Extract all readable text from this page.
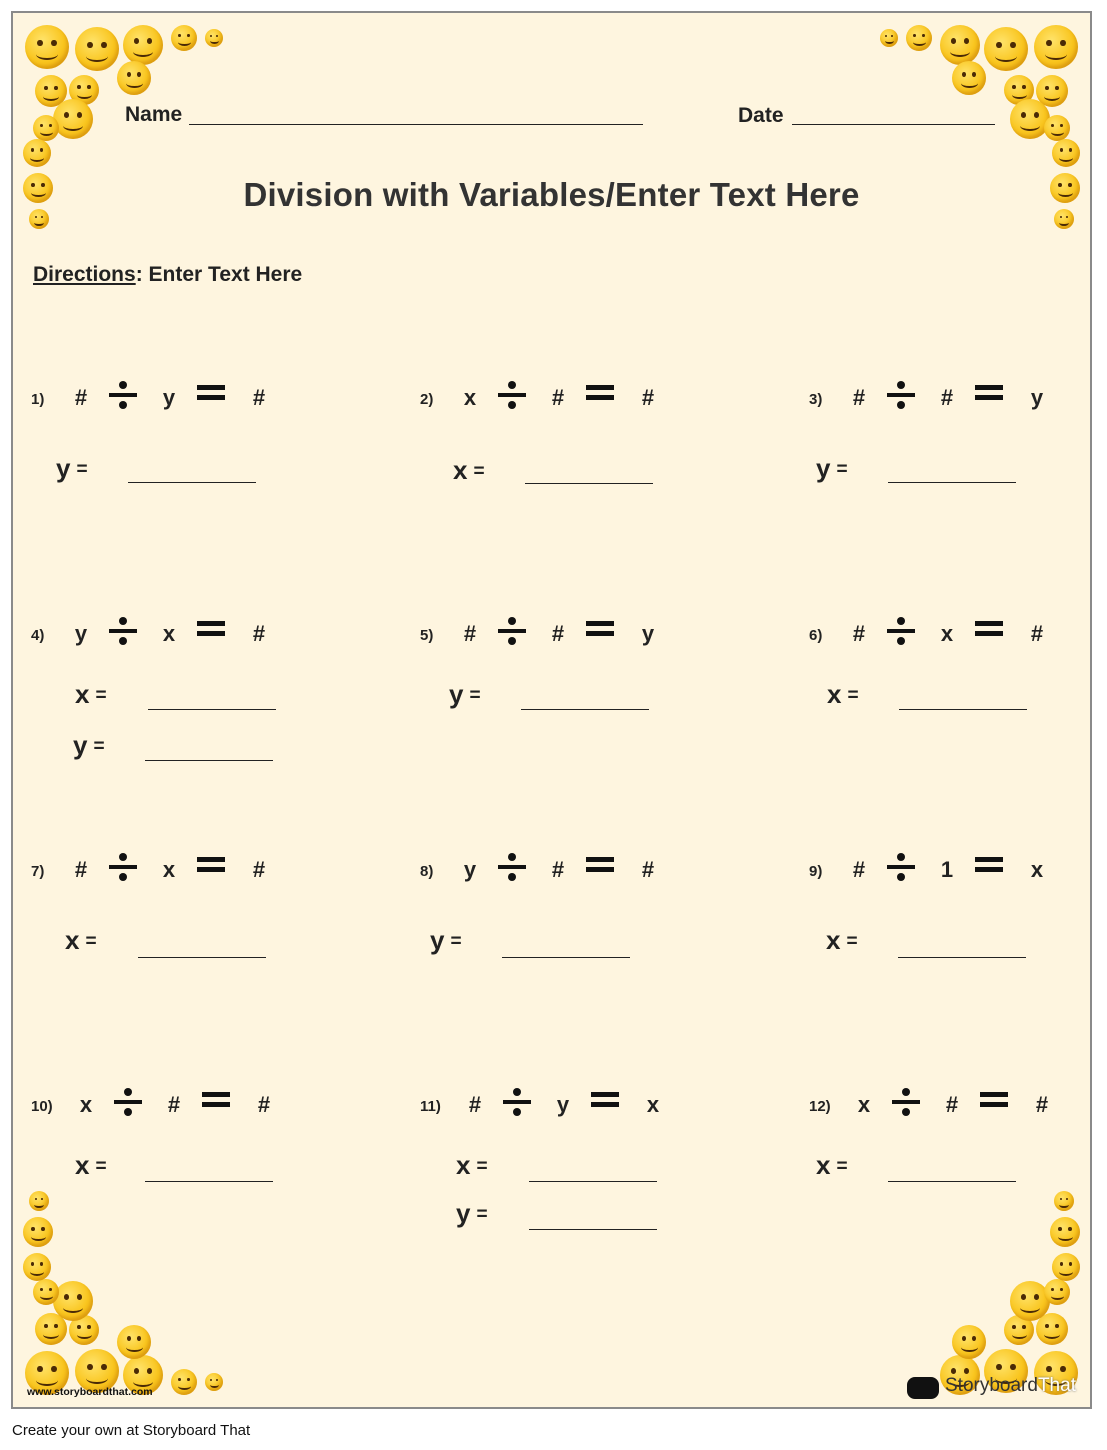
Name	Date
Division with Variables/Enter Text Here
Directions: Enter Text Here
1) #	y	#
y =
2) x	#	#
x =
3) #	#	y
y =
4) y	x	#
x =
y =
5) #	#	y
y =
6) #	x	#
x =
7) #	x	#
x =
8) y	#	#
y =
9) #	1	x
x =
10) x	#	#
x =
11) #	y	x
x =
y =
12) x	#	#
x =
www.storyboardthat.com	StoryboardThat
Create your own at Storyboard That
